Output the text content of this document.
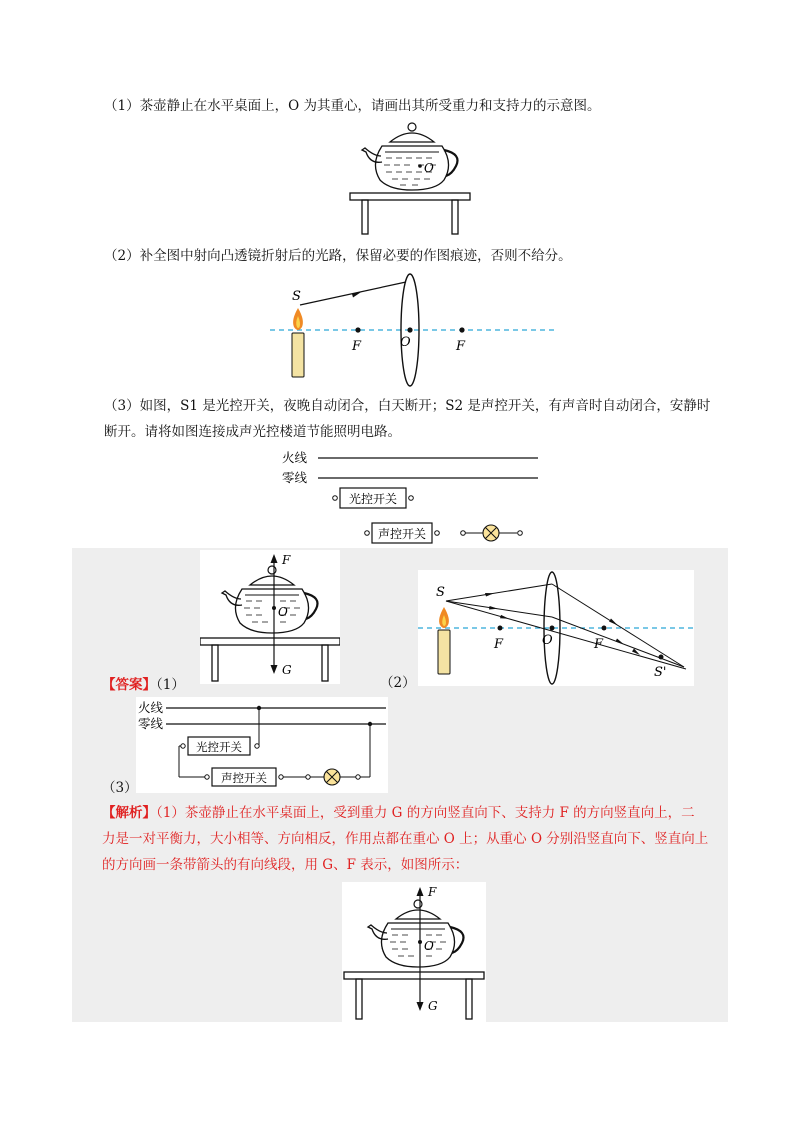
（1）茶壶静止在水平桌面上，O 为其重心，请画出其所受重力和支持力的示意图。
O
（2）补全图中射向凸透镜折射后的光路，保留必要的作图痕迹，否则不给分。
S
F	O	F
（3）如图，S1 是光控开关，夜晚自动闭合，白天断开；S2 是声控开关，有声音时自动闭合，安静时
断开。请将如图连接成声光控楼道节能照明电路。
火线
零线
光控开关
声控开关
F
O
G
S
F	O	F
S'
【答案】（1）	（2）
火线
零线
光控开关
声控开关
（3）
【解析】（1）茶壶静止在水平桌面上，受到重力 G 的方向竖直向下、支持力 F 的方向竖直向上，二
力是一对平衡力，大小相等、方向相反，作用点都在重心 O 上；从重心 O 分别沿竖直向下、竖直向上
的方向画一条带箭头的有向线段，用 G、F 表示，如图所示：
F
O
G
